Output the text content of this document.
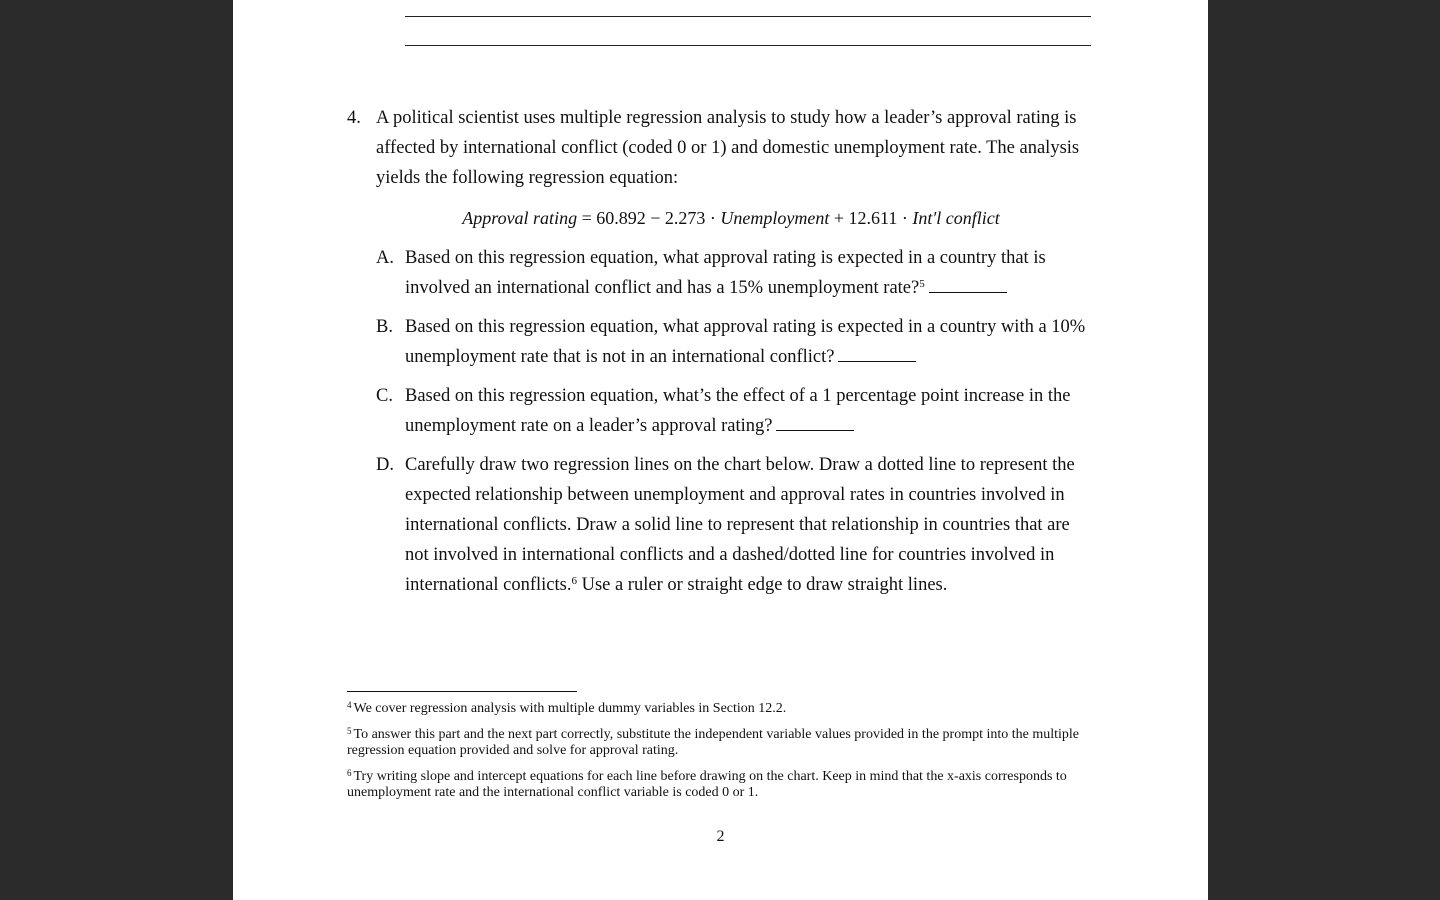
4. A political scientist uses multiple regression analysis to study how a leader’s approval rating is affected by international conflict (coded 0 or 1) and domestic unemployment rate. The analysis yields the following regression equation:
Approval rating = 60.892 − 2.273 · Unemployment + 12.611 · Int′l conflict
A. Based on this regression equation, what approval rating is expected in a country that is involved an international conflict and has a 15% unemployment rate?$^5$
B. Based on this regression equation, what approval rating is expected in a country with a 10% unemployment rate that is not in an international conflict?
C. Based on this regression equation, what’s the effect of a 1 percentage point increase in the unemployment rate on a leader’s approval rating?
D. Carefully draw two regression lines on the chart below. Draw a dotted line to represent the expected relationship between unemployment and approval rates in countries involved in international conflicts. Draw a solid line to represent that relationship in countries that are not involved in international conflicts and a dashed/dotted line for countries involved in international conflicts.$^6$ Use a ruler or straight edge to draw straight lines.
$^4$ We cover regression analysis with multiple dummy variables in Section 12.2.
$^5$ To answer this part and the next part correctly, substitute the independent variable values provided in the prompt into the multiple regression equation provided and solve for approval rating.
$^6$ Try writing slope and intercept equations for each line before drawing on the chart. Keep in mind that the x-axis corresponds to unemployment rate and the international conflict variable is coded 0 or 1.
2
